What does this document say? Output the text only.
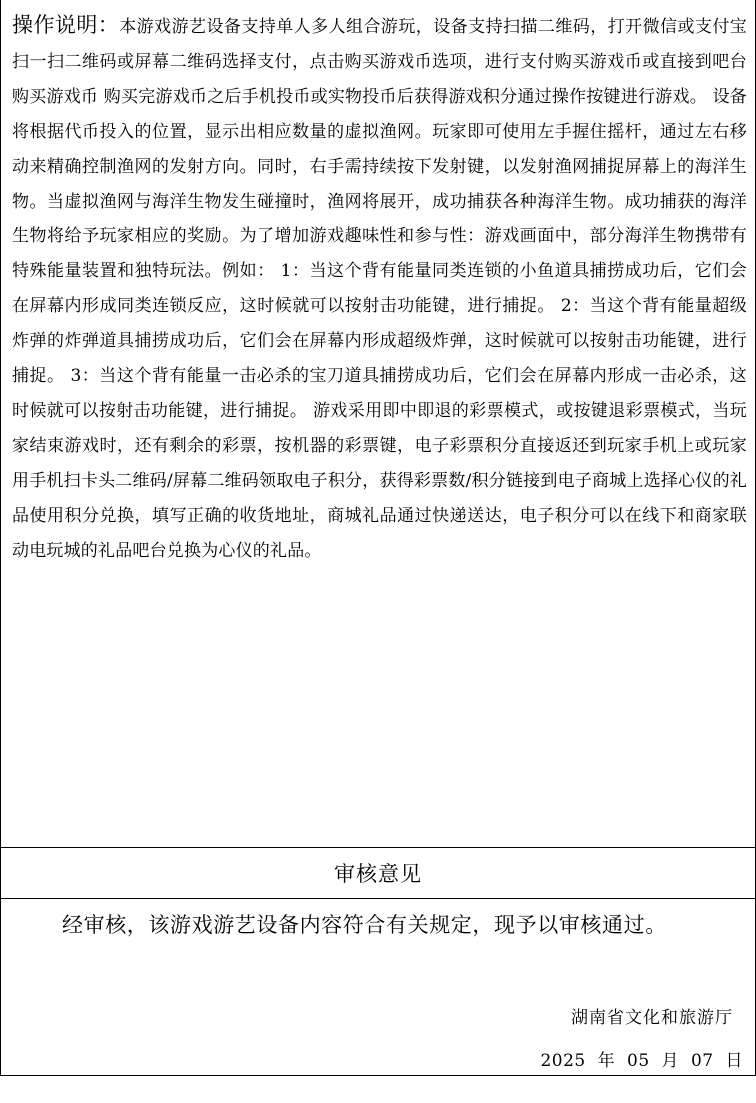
操作说明：本游戏游艺设备支持单人多人组合游玩，设备支持扫描二维码，打开微信或支付宝扫一扫二维码或屏幕二维码选择支付，点击购买游戏币选项，进行支付购买游戏币或直接到吧台购买游戏币 购买完游戏币之后手机投币或实物投币后获得游戏积分通过操作按键进行游戏。 设备将根据代币投入的位置，显示出相应数量的虚拟渔网。玩家即可使用左手握住摇杆，通过左右移动来精确控制渔网的发射方向。同时，右手需持续按下发射键，以发射渔网捕捉屏幕上的海洋生物。当虚拟渔网与海洋生物发生碰撞时，渔网将展开，成功捕获各种海洋生物。成功捕获的海洋生物将给予玩家相应的奖励。为了增加游戏趣味性和参与性：游戏画面中，部分海洋生物携带有特殊能量装置和独特玩法。例如： 1：当这个背有能量同类连锁的小鱼道具捕捞成功后，它们会在屏幕内形成同类连锁反应，这时候就可以按射击功能键，进行捕捉。 2：当这个背有能量超级炸弹的炸弹道具捕捞成功后，它们会在屏幕内形成超级炸弹，这时候就可以按射击功能键，进行捕捉。 3：当这个背有能量一击必杀的宝刀道具捕捞成功后，它们会在屏幕内形成一击必杀，这时候就可以按射击功能键，进行捕捉。 游戏采用即中即退的彩票模式，或按键退彩票模式，当玩家结束游戏时，还有剩余的彩票，按机器的彩票键，电子彩票积分直接返还到玩家手机上或玩家用手机扫卡头二维码/屏幕二维码领取电子积分，获得彩票数/积分链接到电子商城上选择心仪的礼品使用积分兑换，填写正确的收货地址，商城礼品通过快递送达，电子积分可以在线下和商家联动电玩城的礼品吧台兑换为心仪的礼品。
审核意见
经审核，该游戏游艺设备内容符合有关规定，现予以审核通过。
湖南省文化和旅游厅
2025 年 05 月 07 日
